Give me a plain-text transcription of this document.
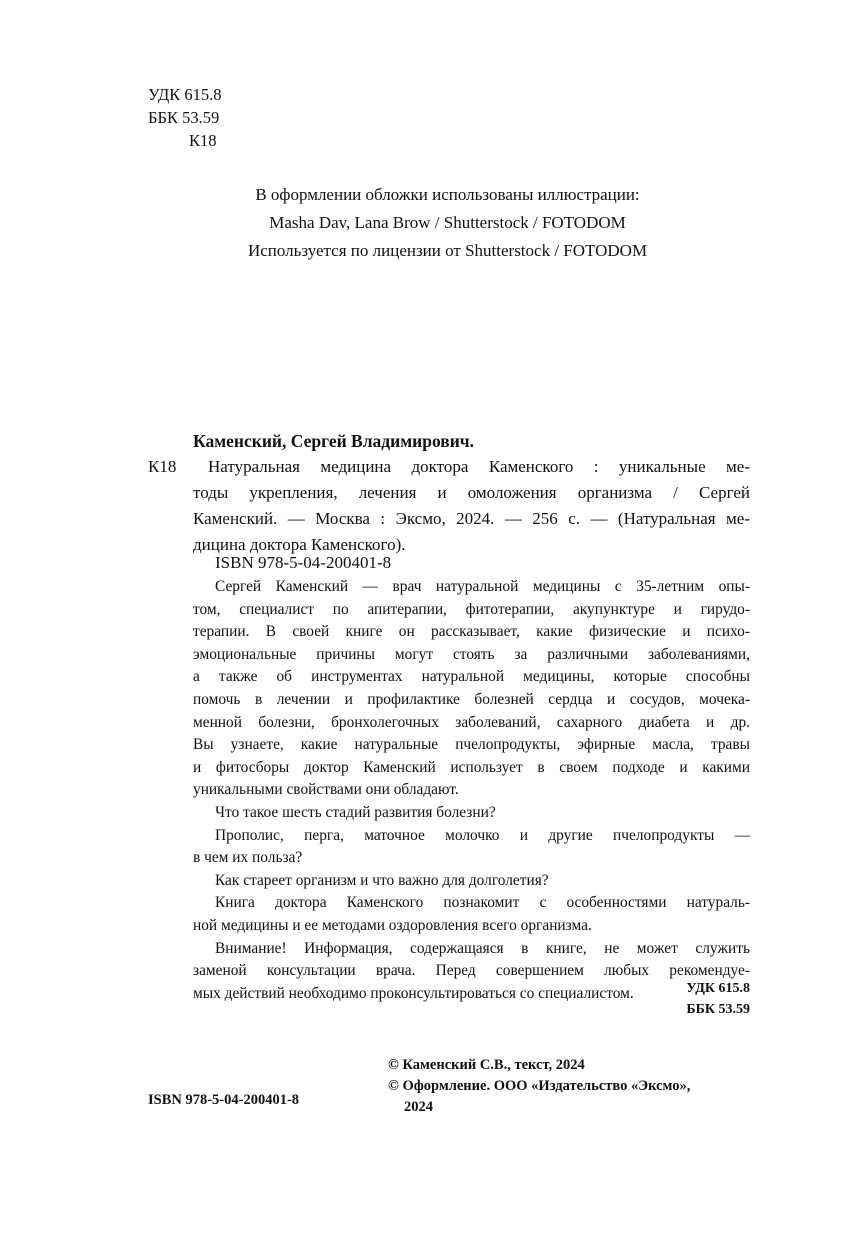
УДК 615.8
ББК 53.59
К18
В оформлении обложки использованы иллюстрации:
Masha Dav, Lana Brow / Shutterstock / FOTODOM
Используется по лицензии от Shutterstock / FOTODOM
Каменский, Сергей Владимирович.
К18	Натуральная медицина доктора Каменского : уникальные ме-
тоды укрепления, лечения и омоложения организма / Сергей
Каменский. — Москва : Эксмо, 2024. — 256 с. — (Натуральная ме-
дицина доктора Каменского).
ISBN 978-5-04-200401-8

Сергей Каменский — врач натуральной медицины с 35-летним опы-
том, специалист по апитерапии, фитотерапии, акупунктуре и гирудо-
терапии. В своей книге он рассказывает, какие физические и психо-
эмоциональные причины могут стоять за различными заболеваниями,
а также об инструментах натуральной медицины, которые способны
помочь в лечении и профилактике болезней сердца и сосудов, мочека-
менной болезни, бронхолегочных заболеваний, сахарного диабета и др.
Вы узнаете, какие натуральные пчелопродукты, эфирные масла, травы
и фитосборы доктор Каменский использует в своем подходе и какими
уникальными свойствами они обладают.

Что такое шесть стадий развития болезни?

Прополис, перга, маточное молочко и другие пчелопродукты —
в чем их польза?

Как стареет организм и что важно для долголетия?

Книга доктора Каменского познакомит с особенностями натураль-
ной медицины и ее методами оздоровления всего организма.

Внимание! Информация, содержащаяся в книге, не может служить
заменой консультации врача. Перед совершением любых рекомендуе-
мых действий необходимо проконсультироваться со специалистом.	УДК 615.8
ББК 53.59
© Каменский С.В., текст, 2024
© Оформление. ООО «Издательство «Эксмо»,
2024
ISBN 978-5-04-200401-8
